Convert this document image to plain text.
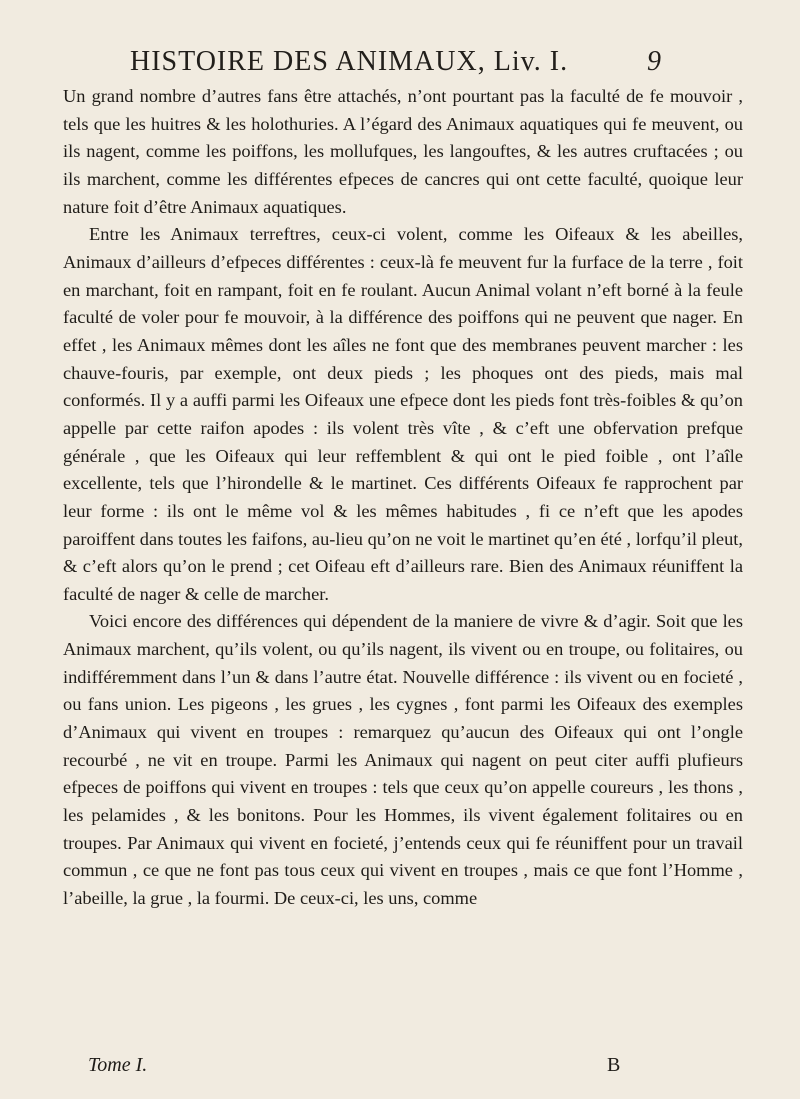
HISTOIRE DES ANIMAUX, Liv. I.	9

Un grand nombre d’autres fans être attachés, n’ont pourtant pas la faculté de fe mouvoir , tels que les huitres & les holothuries. A l’égard des Animaux aquatiques qui fe meuvent, ou ils nagent, comme les poiffons, les mollufques, les langouftes, & les autres cruftacées ; ou ils marchent, comme les différentes efpeces de cancres qui ont cette faculté, quoique leur nature foit d’être Animaux aquatiques.

Entre les Animaux terreftres, ceux-ci volent, comme les Oifeaux & les abeilles, Animaux d’ailleurs d’efpeces différentes : ceux-là fe meuvent fur la furface de la terre , foit en marchant, foit en rampant, foit en fe roulant. Aucun Animal volant n’eft borné à la feule faculté de voler pour fe mouvoir, à la différence des poiffons qui ne peuvent que nager. En effet , les Animaux mêmes dont les aîles ne font que des membranes peuvent marcher : les chauve-fouris, par exemple, ont deux pieds ; les phoques ont des pieds, mais mal conformés. Il y a auffi parmi les Oifeaux une efpece dont les pieds font très-foibles & qu’on appelle par cette raifon apodes : ils volent très vîte , & c’eft une obfervation prefque générale , que les Oifeaux qui leur reffemblent & qui ont le pied foible , ont l’aîle excellente, tels que l’hirondelle & le martinet. Ces différents Oifeaux fe rapprochent par leur forme : ils ont le même vol & les mêmes habitudes , fi ce n’eft que les apodes paroiffent dans toutes les faifons, au-lieu qu’on ne voit le martinet qu’en été , lorfqu’il pleut, & c’eft alors qu’on le prend ; cet Oifeau eft d’ailleurs rare. Bien des Animaux réuniffent la faculté de nager & celle de marcher.

Voici encore des différences qui dépendent de la maniere de vivre & d’agir. Soit que les Animaux marchent, qu’ils volent, ou qu’ils nagent, ils vivent ou en troupe, ou folitaires, ou indifféremment dans l’un & dans l’autre état. Nouvelle différence : ils vivent ou en focieté , ou fans union. Les pigeons , les grues , les cygnes , font parmi les Oifeaux des exemples d’Animaux qui vivent en troupes : remarquez qu’aucun des Oifeaux qui ont l’ongle recourbé , ne vit en troupe. Parmi les Animaux qui nagent on peut citer auffi plufieurs efpeces de poiffons qui vivent en troupes : tels que ceux qu’on appelle coureurs , les thons , les pelamides , & les bonitons. Pour les Hommes, ils vivent également folitaires ou en troupes. Par Animaux qui vivent en focieté, j’entends ceux qui fe réuniffent pour un travail commun , ce que ne font pas tous ceux qui vivent en troupes , mais ce que font l’Homme , l’abeille, la grue , la fourmi. De ceux-ci, les uns, comme

Tome I.	B
